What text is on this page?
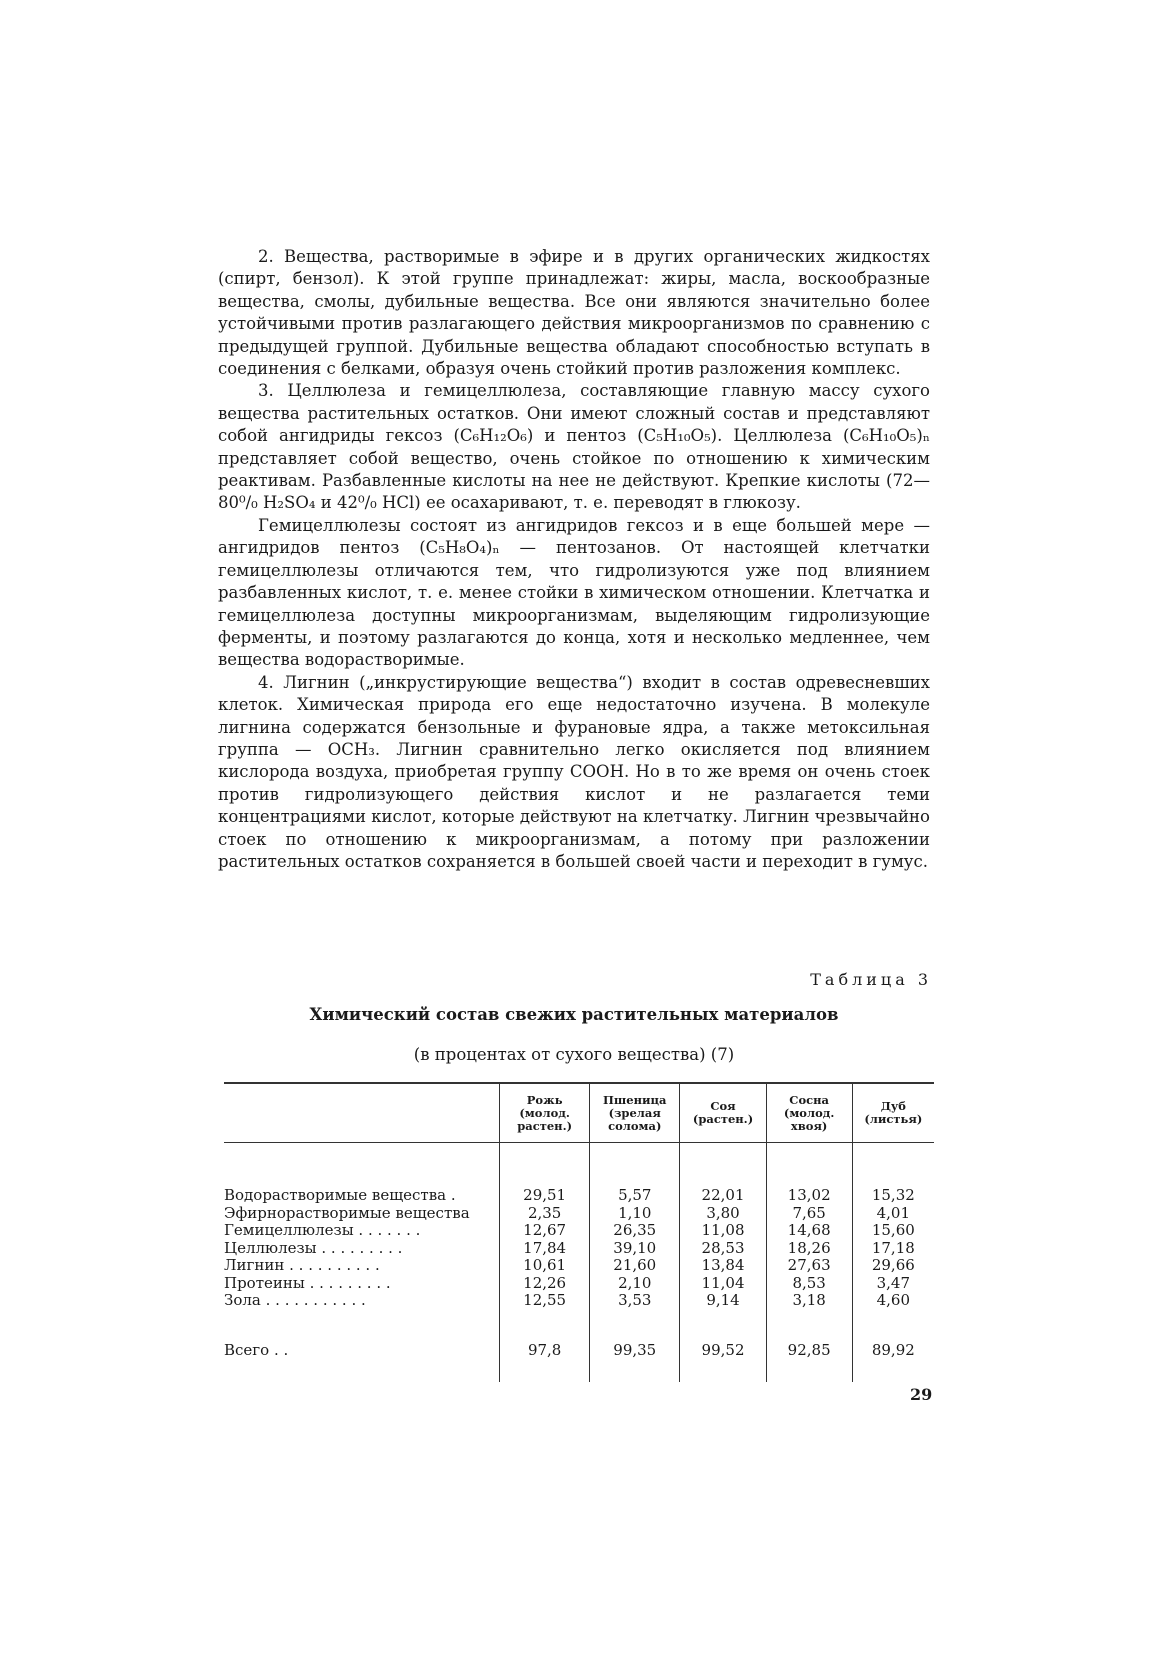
2. Вещества, растворимые в эфире и в других органических жидкостях (спирт, бензол). К этой группе принадлежат: жиры, масла, воскообразные вещества, смолы, дубильные вещества. Все они являются значительно более устойчивыми против разлагающего действия микроорганизмов по сравнению с предыдущей группой. Дубильные вещества обладают способностью вступать в соединения с белками, образуя очень стойкий против разложения комплекс.

3. Целлюлеза и гемицеллюлеза, составляющие главную массу сухого вещества растительных остатков. Они имеют сложный состав и представляют собой ангидриды гексоз (C₆H₁₂O₆) и пентоз (C₅H₁₀O₅). Целлюлеза (C₆H₁₀O₅)ₙ представляет собой вещество, очень стойкое по отношению к химическим реактивам. Разбавленные кислоты на нее не действуют. Крепкие кислоты (72—80⁰/₀ H₂SO₄ и 42⁰/₀ HCl) ее осахаривают, т. е. переводят в глюкозу.

Гемицеллюлезы состоят из ангидридов гексоз и в еще большей мере — ангидридов пентоз (C₅H₈O₄)ₙ — пентозанов. От настоящей клетчатки гемицеллюлезы отличаются тем, что гидролизуются уже под влиянием разбавленных кислот, т. е. менее стойки в химическом отношении. Клетчатка и гемицеллюлеза доступны микроорганизмам, выделяющим гидролизующие ферменты, и поэтому разлагаются до конца, хотя и несколько медленнее, чем вещества водорастворимые.

4. Лигнин („инкрустирующие вещества“) входит в состав одревесневших клеток. Химическая природа его еще недостаточно изучена. В молекуле лигнина содержатся бензольные и фурановые ядра, а также метоксильная группа — OCH₃. Лигнин сравнительно легко окисляется под влиянием кислорода воздуха, приобретая группу COOH. Но в то же время он очень стоек против гидролизующего действия кислот и не разлагается теми концентрациями кислот, которые действуют на клетчатку. Лигнин чрезвычайно стоек по отношению к микроорганизмам, а потому при разложении растительных остатков сохраняется в большей своей части и переходит в гумус.

Таблица 3
Химический состав свежих растительных материалов
(в процентах от сухого вещества) (7)
	Рожь (молод. растен.)	Пшеница (зрелая солома)	Соя (растен.)	Сосна (молод. хвоя)	Дуб (листья)

Водорастворимые вещества .	29,51	5,57	22,01	13,02	15,32
Эфирнорастворимые вещества	2,35	1,10	3,80	7,65	4,01
Гемицеллюлезы . . . . . . .	12,67	26,35	11,08	14,68	15,60
Целлюлезы . . . . . . . . .	17,84	39,10	28,53	18,26	17,18
Лигнин . . . . . . . . . .	10,61	21,60	13,84	27,63	29,66
Протеины . . . . . . . . .	12,26	2,10	11,04	8,53	3,47
Зола . . . . . . . . . . .	12,55	3,53	9,14	3,18	4,60

Всего . .	97,8	99,35	99,52	92,85	89,92
29
